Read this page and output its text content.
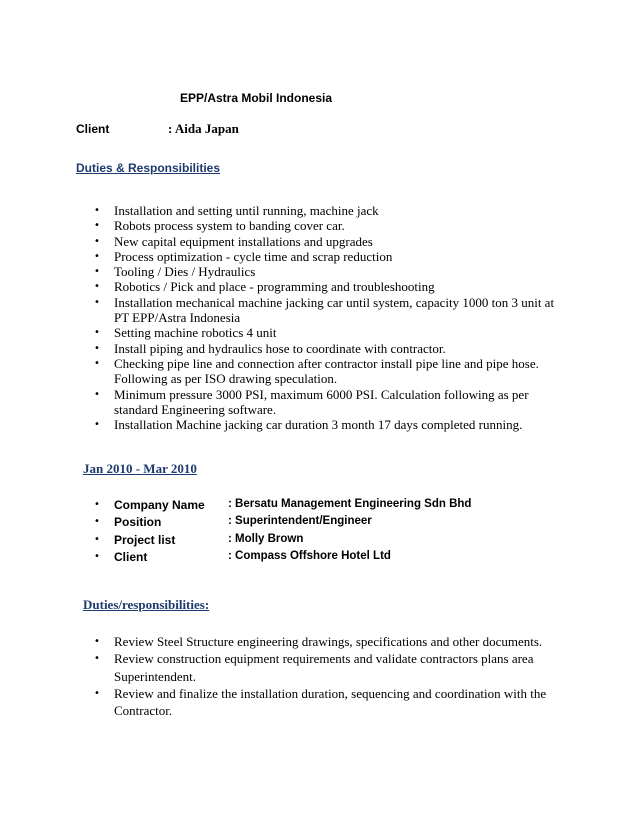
EPP/Astra Mobil Indonesia
Client	: Aida Japan
Duties & Responsibilities
• Installation and setting until running, machine jack
• Robots process system to banding cover car.
• New capital equipment installations and upgrades
• Process optimization - cycle time and scrap reduction
• Tooling / Dies / Hydraulics
• Robotics / Pick and place - programming and troubleshooting
• Installation mechanical machine jacking car until system, capacity 1000 ton 3 unit at PT EPP/Astra Indonesia
• Setting machine robotics 4 unit
• Install piping and hydraulics hose to coordinate with contractor.
• Checking pipe line and connection after contractor install pipe line and pipe hose. Following as per ISO drawing speculation.
• Minimum pressure 3000 PSI, maximum 6000 PSI. Calculation following as per standard Engineering software.
• Installation Machine jacking car duration 3 month 17 days completed running.
Jan 2010 - Mar 2010
• Company Name	: Bersatu Management Engineering Sdn Bhd
• Position	: Superintendent/Engineer
• Project list	: Molly Brown
• Client	: Compass Offshore Hotel Ltd
Duties/responsibilities:
• Review Steel Structure engineering drawings, specifications and other documents.
• Review construction equipment requirements and validate contractors plans area Superintendent.
• Review and finalize the installation duration, sequencing and coordination with the Contractor.
